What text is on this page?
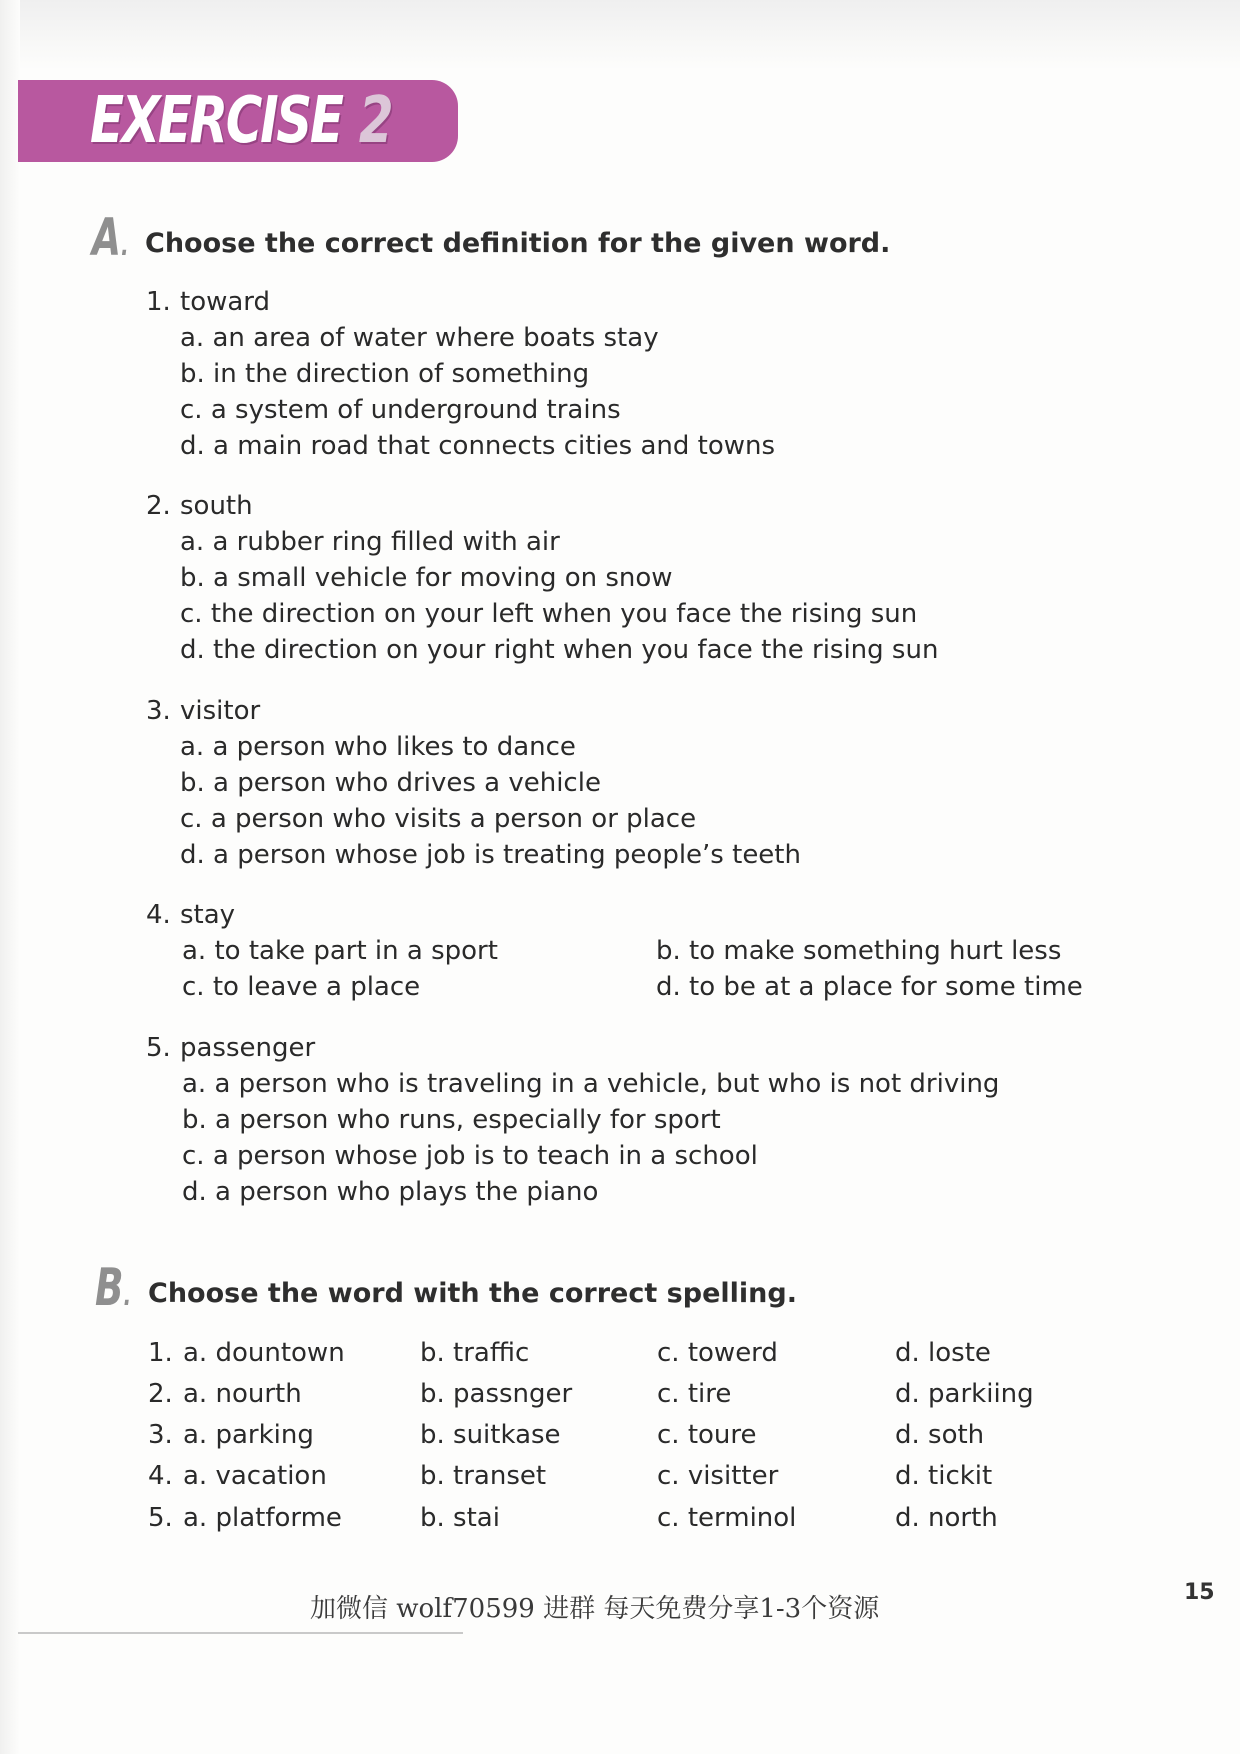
EXERCISE 2
A. Choose the correct definition for the given word.
1. toward
a. an area of water where boats stay
b. in the direction of something
c. a system of underground trains
d. a main road that connects cities and towns
2. south
a. a rubber ring filled with air
b. a small vehicle for moving on snow
c. the direction on your left when you face the rising sun
d. the direction on your right when you face the rising sun
3. visitor
a. a person who likes to dance
b. a person who drives a vehicle
c. a person who visits a person or place
d. a person whose job is treating people’s teeth
4. stay
a. to take part in a sport	b. to make something hurt less
c. to leave a place	d. to be at a place for some time
5. passenger
a. a person who is traveling in a vehicle, but who is not driving
b. a person who runs, especially for sport
c. a person whose job is to teach in a school
d. a person who plays the piano
B. Choose the word with the correct spelling.
1. a. dountown	b. traffic	c. towerd	d. loste
2. a. nourth	b. passnger	c. tire	d. parkiing
3. a. parking	b. suitkase	c. toure	d. soth
4. a. vacation	b. transet	c. visitter	d. tickit
5. a. platforme	b. stai	c. terminol	d. north
加微信 wolf70599 进群 每天免费分享1-3个资源
15
